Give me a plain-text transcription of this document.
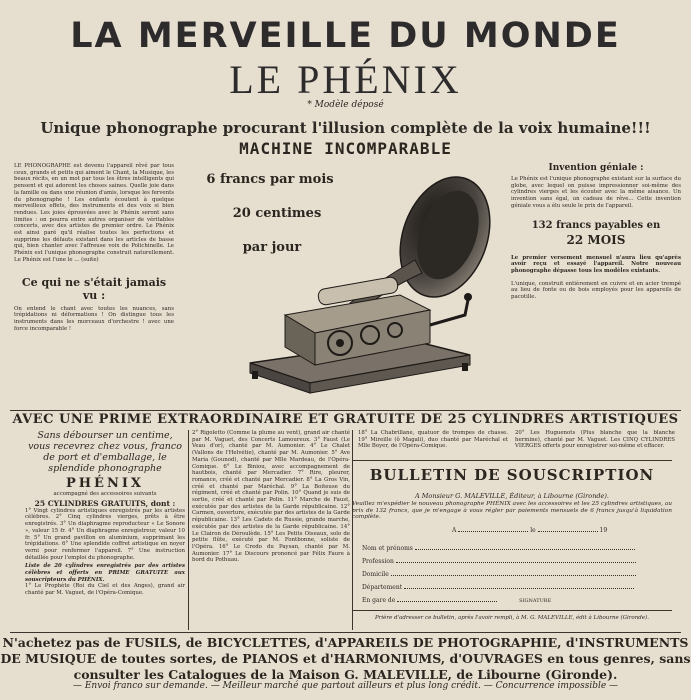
LA MERVEILLE DU MONDE
LE PHÉNIX
* Modèle déposé
Unique phonographe procurant l'illusion complète de la voix humaine!!!
MACHINE INCOMPARABLE
LE PHONOGRAPHE est devenu l'appareil rêvé par tous ceux, grands et petits qui aiment le Chant, la Musique, les beaux récits, en un mot par tous les êtres intelligents qui pensent et qui adorent les choses saines. Quelle joie dans la famille ou dans une réunion d'amis, lorsque les fervents du phonographe ! Les enfants écoutent à quelque merveilleux effets, des instruments et des voix si bien rendues. Les joies éprouvées avec le Phénix seront sans limites : on pourra entre autres organiser de véritables concerts, avec des artistes de premier ordre. Le Phénix est ainsi paré qu'il réalise toutes les perfections et supprime les défauts existant dans les articles de basse qui, bien chanter avec l'affreuse voix de Polichinelle. Le Phénix est l'unique phonographe construit naturellement. Le Phénix est l'une le ... (suite)
Ce qui ne s'était jamais vu :
On entend le chant avec toutes les nuances, sans trépidations ni déformations ! On distingue tous les instruments dans les morceaux d'orchestre ! avec une force incomparable !
6 francs par mois
20 centimes
par jour
Invention géniale :
Le Phénix est l'unique phonographe existant sur la surface du globe, avec lequel on puisse impressionner soi-même des cylindres vierges et les écouter avec la même aisance. Un invention sans égal, un cadeau de rêve... Cette invention géniale vous a élu seule le prix de l'appareil.
132 francs payables en
22 MOIS
Le premier versement mensuel n'aura lieu qu'après avoir reçu et essayé l'appareil. Notre nouveau phonographe dépasse tous les modèles existants.
L'unique, construit entièrement en cuivre et en acier trempé au lieu de fonte ou de bois employés pour les appareils de pacotille.
AVEC UNE PRIME EXTRAORDINAIRE ET GRATUITE DE 25 CYLINDRES ARTISTIQUES
Sans débourser un centime, vous recevrez chez vous, franco de port et d'emballage, le splendide phonographe
PHÉNIX
accompagné des accessoires suivants
25 CYLINDRES GRATUITS, dont :
1° Vingt cylindres artistiques enregistrés par les artistes célèbres. 2° Cinq cylindres vierges, prêts à être enregistrés. 3° Un diaphragme reproducteur « Le Sonore », valeur 15 fr. 4° Un diaphragme enregistreur, valeur 10 fr. 5° Un grand pavillon en aluminium, supprimant les trépidations. 6° Une splendide coffret artistique en noyer verni pour renfermer l'appareil. 7° Une instruction détaillée pour l'emploi du phonographe.
Liste de 20 cylindres enregistrés par des artistes célèbres et offerts en PRIME GRATUITE aux souscripteurs du PHÉNIX.
1° Le Prophète (Roi du Ciel et des Anges), grand air chanté par M. Vaguet, de l'Opéra-Comique.
2° Rigoletto (Comme la plume au vent), grand air chanté par M. Vaguet, des Concerts Lamoureux. 3° Faust (Le Veau d'or), chanté par M. Aumonier. 4° Le Chalet (Vallons de l'Helvétie), chanté par M. Aumonier. 5° Ave Maria (Gounod), chanté par Mlle Mardeau, de l'Opéra-Comique. 6° Le Biniou, avec accompagnement de hautbois, chanté par Mercadier. 7° Rire, pleurer, romance, créé et chanté par Mercadier. 8° La Gros Vin, créé et chanté par Maréchal. 9° La Boiteuse du régiment, créé et chanté par Polin. 10° Quand je suis de sortie, créé et chanté par Polin. 11° Marche de Faust, exécutée par des artistes de la Garde républicaine. 12° Carmen, ouverture, exécutée par des artistes de la Garde républicaine. 13° Les Cadets de Russie, grande marche, exécutée par des artistes de la Garde républicaine. 14° Le Clairon de Déroulède. 15° Les Petits Oiseaux, solo de petite flûte, exécuté par M. Fontbonne, soliste de l'Opéra. 16° Le Credo du Paysan, chanté par M. Aumonier. 17° Le Discours prononcé par Félix Faure à bord du Pothuau.
18° La Chabrillane, quatuor de trompes de chasse. 19° Mireille (ô Magali), duo chanté par Maréchal et Mlle Boyer, de l'Opéra-Comique.
20° Les Huguenots (Plus blanche que la blanche hermine), chanté par M. Vaguet. Les CINQ CYLINDRES VIERGES offerts pour enregistrer soi-même et effacer.
BULLETIN DE SOUSCRIPTION
A Monsieur G. MALEVILLE, Éditeur, à Libourne (Gironde).
Veuillez m'expédier le nouveau phonographe PHÉNIX avec les accessoires et les 25 cylindres artistiques, au prix de 132 francs, que je m'engage à vous régler par paiements mensuels de 6 francs jusqu'à liquidation complète.
A	le	19
Nom et prénoms
Profession
Domicile
Département
En gare de	SIGNATURE
Prière d'adresser ce bulletin, après l'avoir rempli, à M. G. MALEVILLE, édit à Libourne (Gironde).
N'achetez pas de FUSILS, de BICYCLETTES, d'APPAREILS DE PHOTOGRAPHIE, d'INSTRUMENTS DE MUSIQUE de toutes sortes, de PIANOS et d'HARMONIUMS, d'OUVRAGES en tous genres, sans consulter les Catalogues de la Maison G. MALEVILLE, de Libourne (Gironde).
— Envoi franco sur demande. — Meilleur marché que partout ailleurs et plus long crédit. — Concurrence impossible —
